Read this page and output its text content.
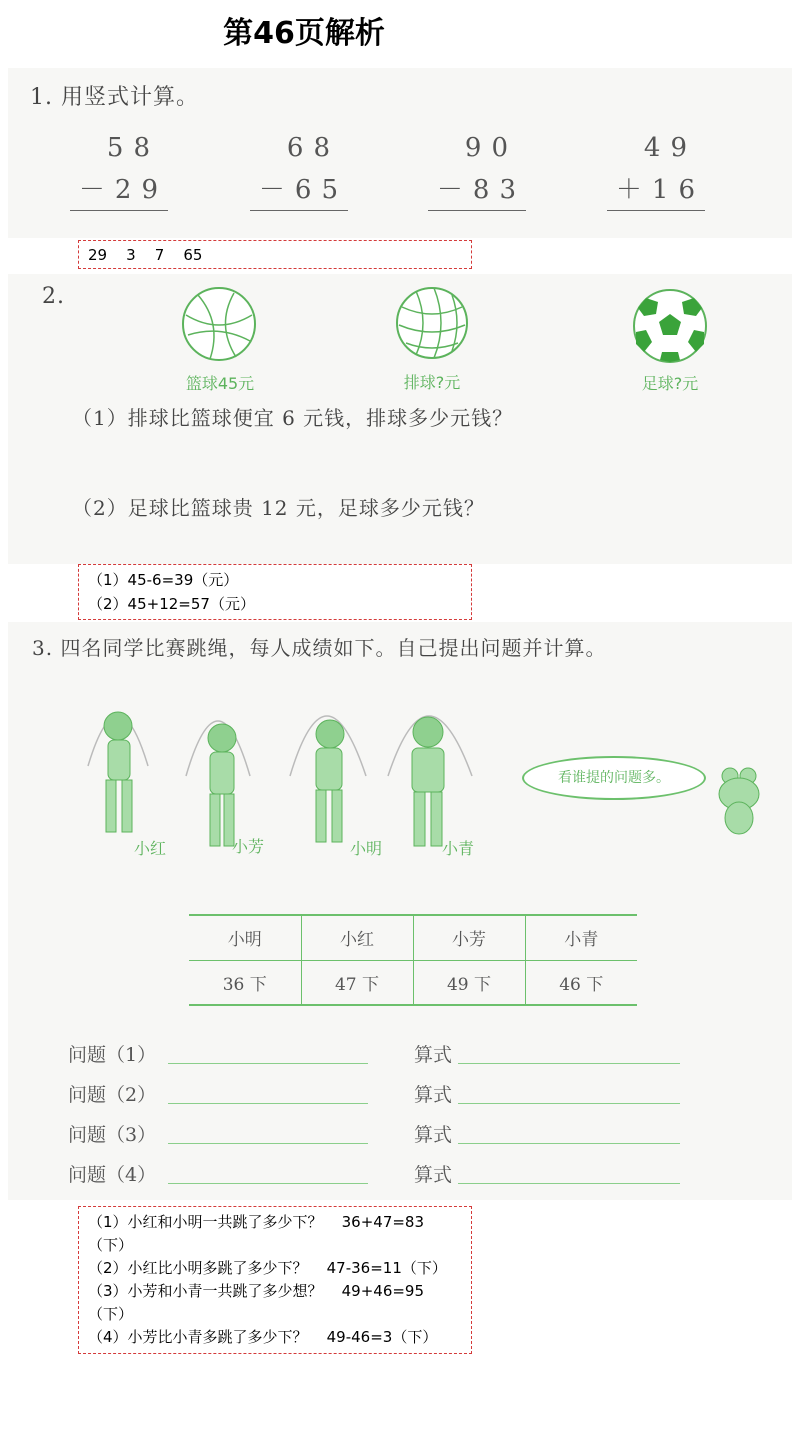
第46页解析
1. 用竖式计算。
58
－29
68
－65
90
－83
49
＋16
29    3    7    65
2.
篮球45元	排球?元	足球?元
（1）排球比篮球便宜 6 元钱，排球多少元钱？
（2）足球比篮球贵 12 元，足球多少元钱？
（1）45-6=39（元）
（2）45+12=57（元）
3. 四名同学比赛跳绳，每人成绩如下。自己提出问题并计算。
小红	小芳	小明	小青
看谁提的问题多。
小明	小红	小芳	小青
36 下	47 下	49 下	46 下
问题（1）	算式
问题（2）	算式
问题（3）	算式
问题（4）	算式
（1）小红和小明一共跳了多少下？    36+47=83
（下）
（2）小红比小明多跳了多少下？    47-36=11（下）
（3）小芳和小青一共跳了多少想？    49+46=95
（下）
（4）小芳比小青多跳了多少下？    49-46=3（下）
